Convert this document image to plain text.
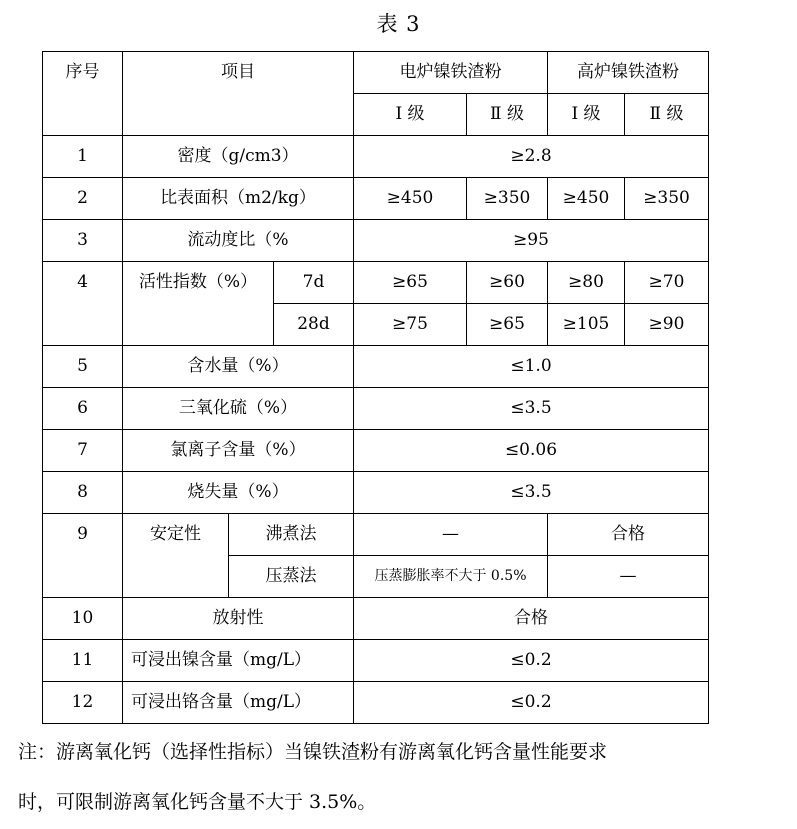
表 3
序号	项目			电炉镍铁渣粉		高炉镍铁渣粉	

				Ⅰ 级	Ⅱ 级	Ⅰ 级	Ⅱ 级

1	密度（g/cm3）			≥2.8			

2	比表面积（m2/kg）			≥450	≥350	≥450	≥350

3	流动度比（%			≥95			

4	活性指数（%）		7d	≥65	≥60	≥80	≥70

			28d	≥75	≥65	≥105	≥90

5	含水量（%）			≤1.0			

6	三氧化硫（%）			≤3.5			

7	氯离子含量（%）			≤0.06			

8	烧失量（%）			≤3.5			

9	安定性	沸煮法		—		合格	

		压蒸法		压蒸膨胀率不大于 0.5%		—	

10	放射性			合格			

11	可浸出镍含量（mg/L）			≤0.2			

12	可浸出铬含量（mg/L）			≤0.2			
注：游离氧化钙（选择性指标）当镍铁渣粉有游离氧化钙含量性能要求
时，可限制游离氧化钙含量不大于 3.5%。
